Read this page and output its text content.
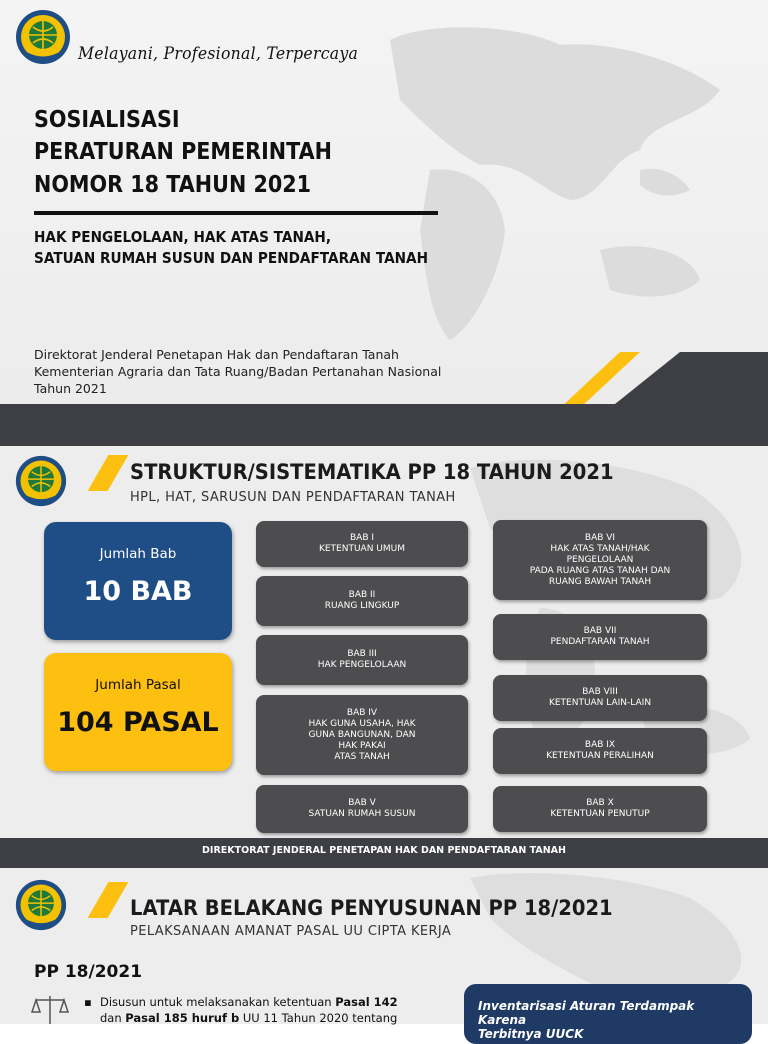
Melayani, Profesional, Terpercaya
SOSIALISASI
PERATURAN PEMERINTAH
NOMOR 18 TAHUN 2021
HAK PENGELOLAAN, HAK ATAS TANAH,
SATUAN RUMAH SUSUN DAN PENDAFTARAN TANAH
Direktorat Jenderal Penetapan Hak dan Pendaftaran Tanah
Kementerian Agraria dan Tata Ruang/Badan Pertanahan Nasional
Tahun 2021
STRUKTUR/SISTEMATIKA PP 18 TAHUN 2021
HPL, HAT, SARUSUN DAN PENDAFTARAN TANAH
Jumlah Bab
10 BAB
Jumlah Pasal
104 PASAL
BAB I
KETENTUAN UMUM
BAB II
RUANG LINGKUP
BAB III
HAK PENGELOLAAN
BAB IV
HAK GUNA USAHA, HAK
GUNA BANGUNAN, DAN
HAK PAKAI
ATAS TANAH
BAB V
SATUAN RUMAH SUSUN
BAB VI
HAK ATAS TANAH/HAK
PENGELOLAAN
PADA RUANG ATAS TANAH DAN
RUANG BAWAH TANAH
BAB VII
PENDAFTARAN TANAH
BAB VIII
KETENTUAN LAIN-LAIN
BAB IX
KETENTUAN PERALIHAN
BAB X
KETENTUAN PENUTUP
DIREKTORAT JENDERAL PENETAPAN HAK DAN PENDAFTARAN TANAH
LATAR BELAKANG PENYUSUNAN PP 18/2021
PELAKSANAAN AMANAT PASAL UU CIPTA KERJA
PP 18/2021
▪ Disusun untuk melaksanakan ketentuan Pasal 142
dan Pasal 185 huruf b UU 11 Tahun 2020 tentang
Inventarisasi Aturan Terdampak Karena
Terbitnya UUCK
